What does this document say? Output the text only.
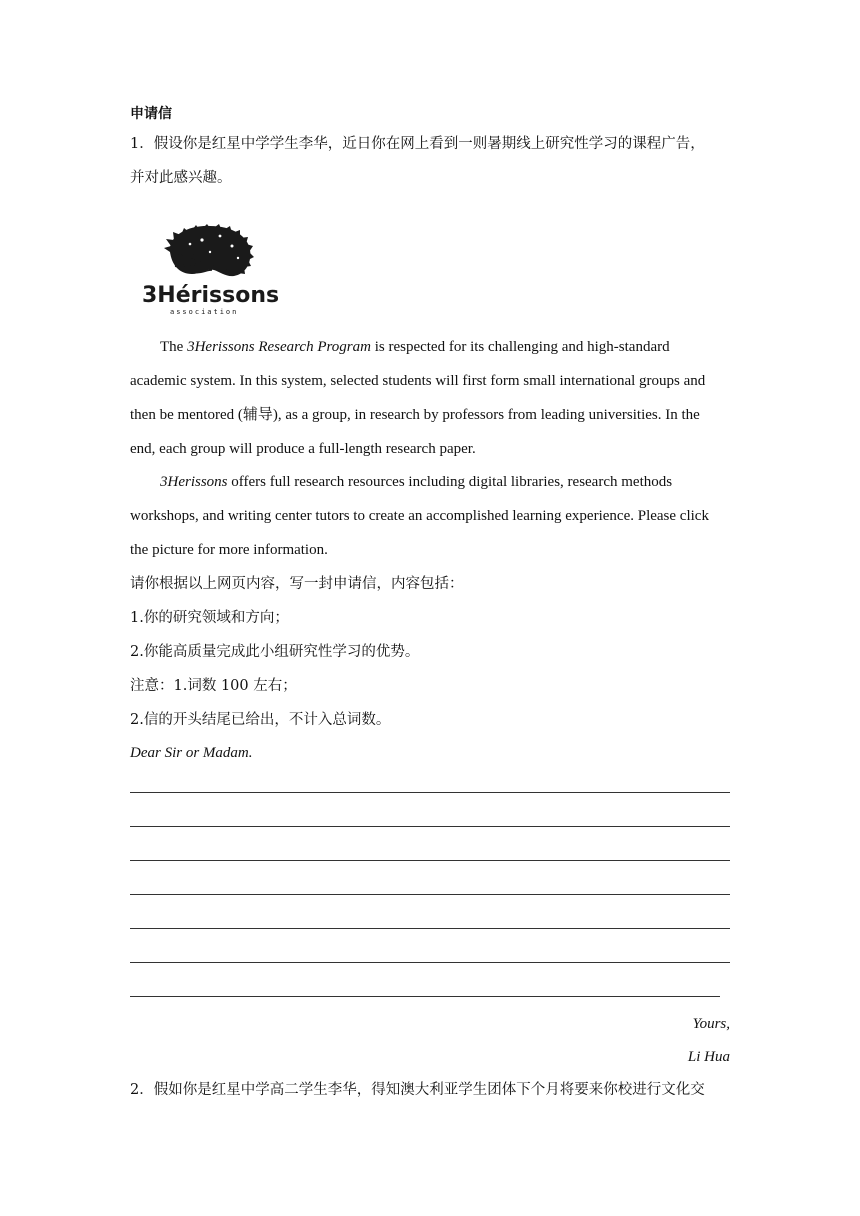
申请信
1．假设你是红星中学学生李华，近日你在网上看到一则暑期线上研究性学习的课程广告，
并对此感兴趣。
3Hérissons
association
The 3Herissons Research Program is respected for its challenging and high-standard
academic system. In this system, selected students will first form small international groups and
then be mentored (辅导), as a group, in research by professors from leading universities. In the
end, each group will produce a full-length research paper.
3Herissons offers full research resources including digital libraries, research methods
workshops, and writing center tutors to create an accomplished learning experience. Please click
the picture for more information.
请你根据以上网页内容，写一封申请信，内容包括：
1.你的研究领域和方向；
2.你能高质量完成此小组研究性学习的优势。
注意：1.词数 100 左右；
2.信的开头结尾已给出，不计入总词数。
Dear Sir or Madam.
Yours,
Li Hua
2．假如你是红星中学高二学生李华，得知澳大利亚学生团体下个月将要来你校进行文化交
